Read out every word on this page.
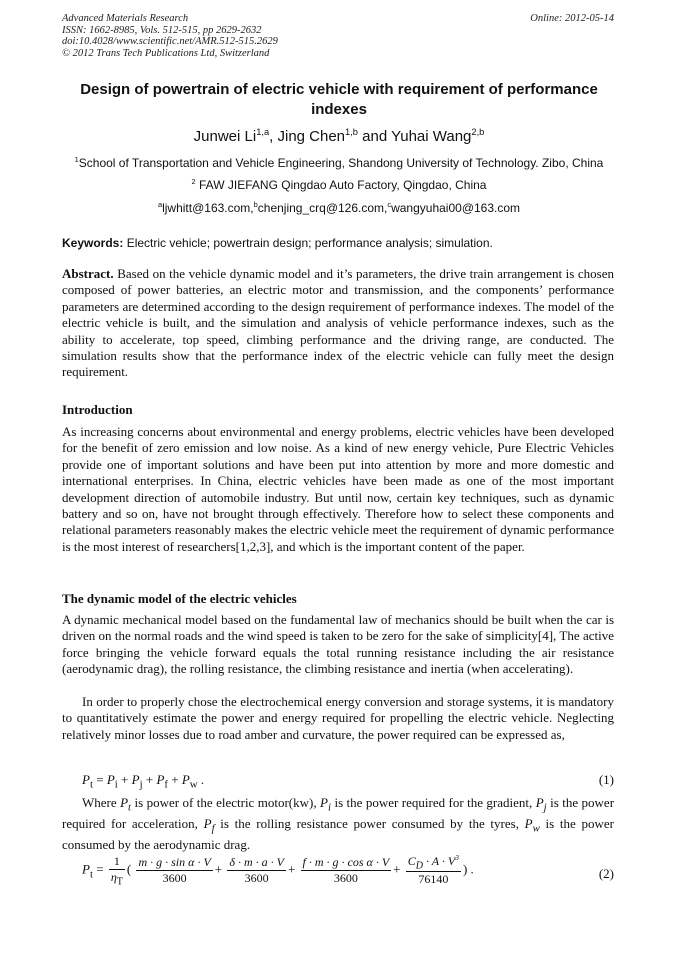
Advanced Materials Research
ISSN: 1662-8985, Vols. 512-515, pp 2629-2632
doi:10.4028/www.scientific.net/AMR.512-515.2629
© 2012 Trans Tech Publications Ltd, Switzerland
Online: 2012-05-14
Design of powertrain of electric vehicle with requirement of performance indexes
Junwei Li$^{1,a}$, Jing Chen$^{1,b}$ and Yuhai Wang$^{2,b}$
$^1$School of Transportation and Vehicle Engineering, Shandong University of Technology. Zibo, China
$^2$ FAW JIEFANG Qingdao Auto Factory, Qingdao, China
$^a$ljwhitt@163.com,$^b$chenjing_crq@126.com,$^c$wangyuhai00@163.com
Keywords: Electric vehicle; powertrain design; performance analysis; simulation.
Abstract. Based on the vehicle dynamic model and it’s parameters, the drive train arrangement is chosen composed of power batteries, an electric motor and transmission, and the components’ performance parameters are determined according to the design requirement of performance indexes. The model of the electric vehicle is built, and the simulation and analysis of vehicle performance indexes, such as the ability to accelerate, top speed, climbing performance and the driving range, are conducted. The simulation results show that the performance index of the electric vehicle can fully meet the design requirement.
Introduction
As increasing concerns about environmental and energy problems, electric vehicles have been developed for the benefit of zero emission and low noise. As a kind of new energy vehicle, Pure Electric Vehicles provide one of important solutions and have been put into attention by more and more domestic and international enterprises. In China, electric vehicles have been made as one of the most important development direction of automobile industry. But until now, certain key techniques, such as dynamic battery and so on, have not brought through effectively. Therefore how to select these components and relational parameters reasonably makes the electric vehicle meet the requirement of dynamic performance is the most interest of researchers[1,2,3], and which is the important content of the paper.
The dynamic model of the electric vehicles
A dynamic mechanical model based on the fundamental law of mechanics should be built when the car is driven on the normal roads and the wind speed is taken to be zero for the sake of simplicity[4], The active force bringing the vehicle forward equals the total running resistance including the air resistance (aerodynamic drag), the rolling resistance, the climbing resistance and inertia (when accelerating).
In order to properly chose the electrochemical energy conversion and storage systems, it is mandatory to quantitatively estimate the power and energy required for propelling the electric vehicle. Neglecting relatively minor losses due to road amber and curvature, the power required can be expressed as,
$P_t = P_i + P_j + P_f + P_w$ .	(1)
Where $P_t$ is power of the electric motor(kw), $P_i$ is the power required for the gradient, $P_j$ is the power required for acceleration, $P_f$ is the rolling resistance power consumed by the tyres, $P_w$ is the power consumed by the aerodynamic drag.
$P_t = \frac{1}{\eta_T}$ ( $\frac{\text{m · g · sin α · V}}{3600} + \frac{\delta \cdot m \cdot a \cdot V}{3600} + \frac{\text{f · m · g · cos α · V}}{3600} + \frac{C_D \cdot A \cdot V^3}{76140}$ ) .	(2)
